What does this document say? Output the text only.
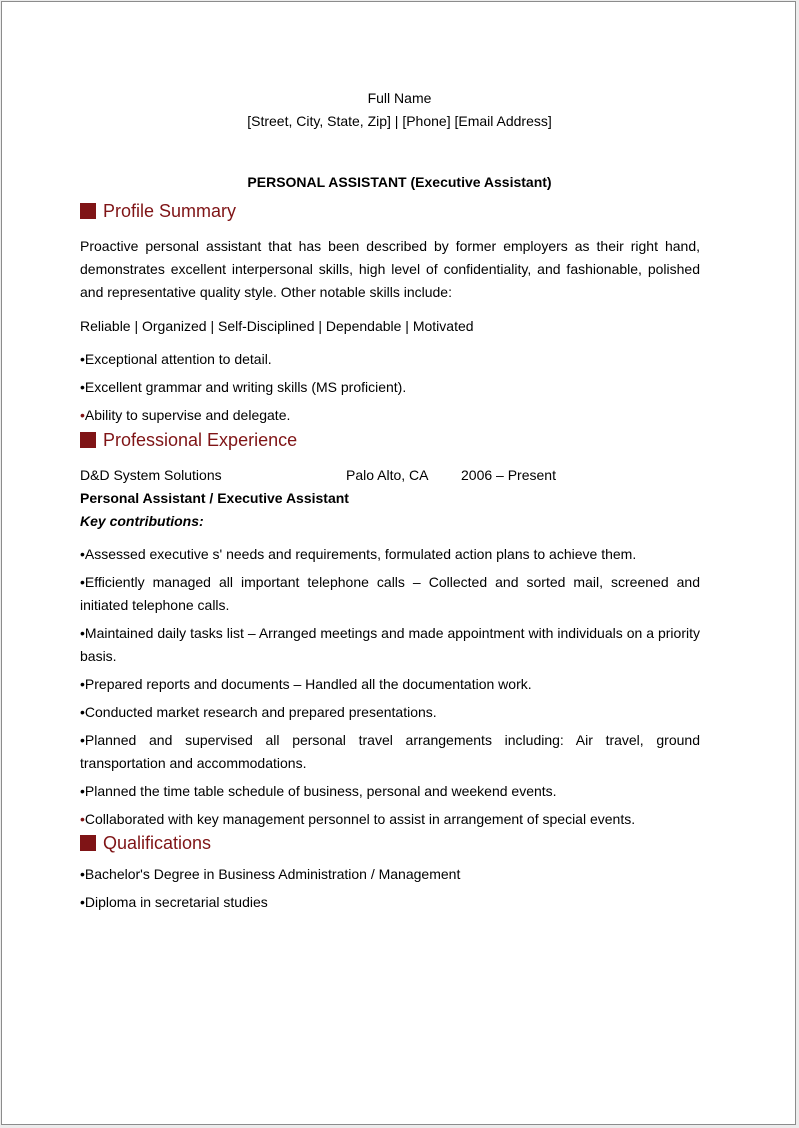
Full Name
[Street, City, State, Zip] | [Phone] [Email Address]
PERSONAL ASSISTANT (Executive Assistant)
Profile Summary
Proactive personal assistant that has been described by former employers as their right hand, demonstrates excellent interpersonal skills, high level of confidentiality, and fashionable, polished and representative quality style. Other notable skills include:
Reliable | Organized | Self-Disciplined | Dependable | Motivated
•Exceptional attention to detail.
•Excellent grammar and writing skills (MS proficient).
•Ability to supervise and delegate.
Professional Experience
D&D System Solutions	Palo Alto, CA 2006 – Present
Personal Assistant / Executive Assistant
Key contributions:
•Assessed executive s' needs and requirements, formulated action plans to achieve them.
•Efficiently managed all important telephone calls – Collected and sorted mail, screened and initiated telephone calls.
•Maintained daily tasks list – Arranged meetings and made appointment with individuals on a priority basis.
•Prepared reports and documents – Handled all the documentation work.
•Conducted market research and prepared presentations.
•Planned and supervised all personal travel arrangements including: Air travel, ground transportation and accommodations.
•Planned the time table schedule of business, personal and weekend events.
•Collaborated with key management personnel to assist in arrangement of special events.
Qualifications
•Bachelor's Degree in Business Administration / Management
•Diploma in secretarial studies
